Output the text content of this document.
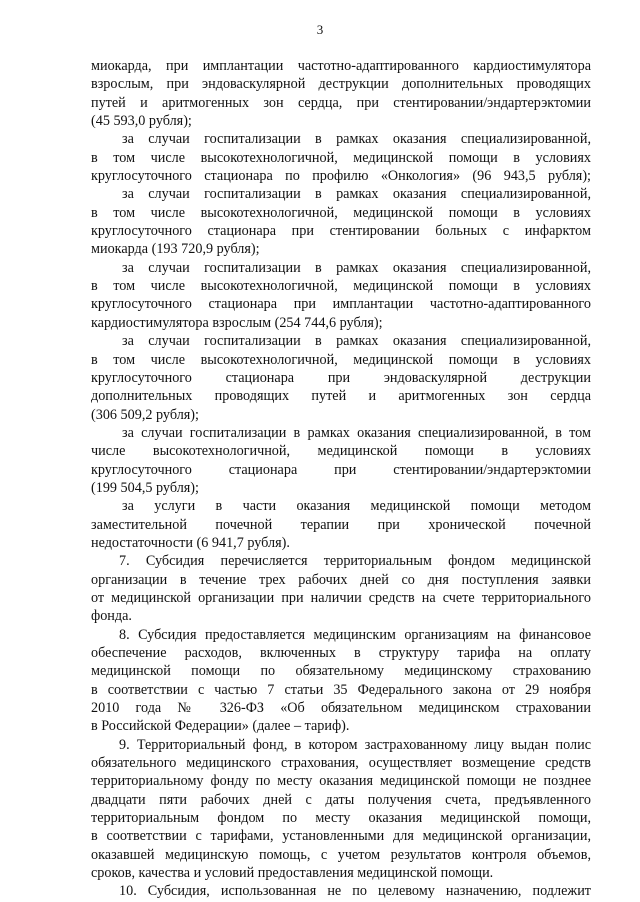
3
миокарда, при имплантации частотно-адаптированного кардиостимулятора
взрослым, при эндоваскулярной деструкции дополнительных проводящих
путей и аритмогенных зон сердца, при стентировании/эндартерэктомии
(45 593,0 рубля);
за случаи госпитализации в рамках оказания специализированной,
в том числе высокотехнологичной, медицинской помощи в условиях
круглосуточного стационара по профилю «Онкология» (96 943,5 рубля);
за случаи госпитализации в рамках оказания специализированной,
в том числе высокотехнологичной, медицинской помощи в условиях
круглосуточного стационара при стентировании больных с инфарктом
миокарда (193 720,9 рубля);
за случаи госпитализации в рамках оказания специализированной,
в том числе высокотехнологичной, медицинской помощи в условиях
круглосуточного стационара при имплантации частотно-адаптированного
кардиостимулятора взрослым (254 744,6 рубля);
за случаи госпитализации в рамках оказания специализированной,
в том числе высокотехнологичной, медицинской помощи в условиях
круглосуточного стационара при эндоваскулярной деструкции
дополнительных проводящих путей и аритмогенных зон сердца
(306 509,2 рубля);
за случаи госпитализации в рамках оказания специализированной, в том
числе высокотехнологичной, медицинской помощи в условиях
круглосуточного стационара при стентировании/эндартерэктомии
(199 504,5 рубля);
за услуги в части оказания медицинской помощи методом
заместительной почечной терапии при хронической почечной
недостаточности (6 941,7 рубля).
7. Субсидия перечисляется территориальным фондом медицинской
организации в течение трех рабочих дней со дня поступления заявки
от медицинской организации при наличии средств на счете территориального
фонда.
8. Субсидия предоставляется медицинским организациям на финансовое
обеспечение расходов, включенных в структуру тарифа на оплату
медицинской помощи по обязательному медицинскому страхованию
в соответствии с частью 7 статьи 35 Федерального закона от 29 ноября
2010 года № 326-ФЗ «Об обязательном медицинском страховании
в Российской Федерации» (далее – тариф).
9. Территориальный фонд, в котором застрахованному лицу выдан полис
обязательного медицинского страхования, осуществляет возмещение средств
территориальному фонду по месту оказания медицинской помощи не позднее
двадцати пяти рабочих дней с даты получения счета, предъявленного
территориальным фондом по месту оказания медицинской помощи,
в соответствии с тарифами, установленными для медицинской организации,
оказавшей медицинскую помощь, с учетом результатов контроля объемов,
сроков, качества и условий предоставления медицинской помощи.
10. Субсидия, использованная не по целевому назначению, подлежит
